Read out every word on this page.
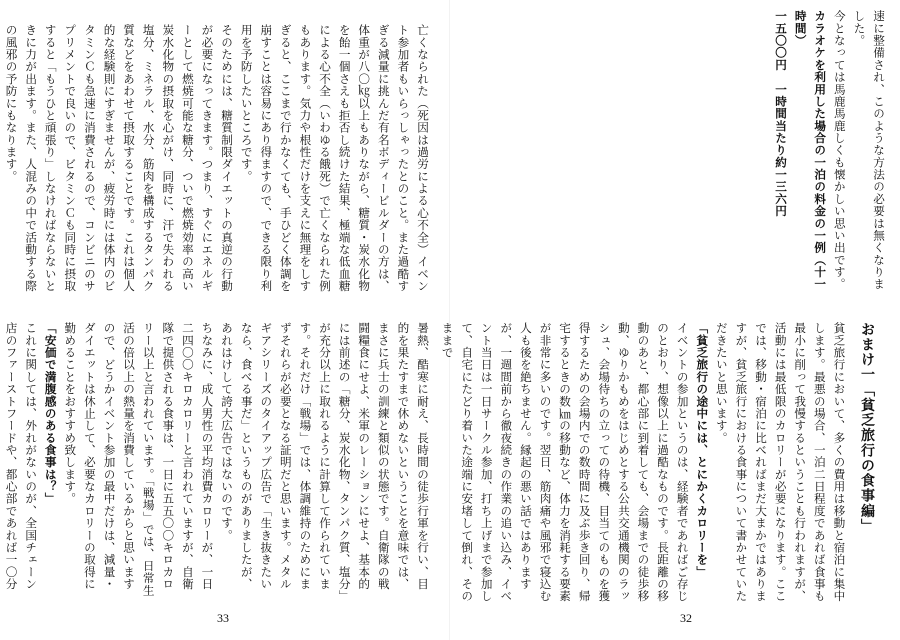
亡くなられた（死因は過労による心不全）イベント参加者もいらっしゃったとのこと。また過酷すぎる減量に挑んだ有名ボディービルダーの方は、体重が八〇㎏以上もありながら、糖質・炭水化物を飴一個さえも拒否し続けた結果、極端な低血糖による心不全（いわゆる餓死）で亡くなられた例もあります。気力や根性だけを支えに無理をしすぎると、ここまで行かなくても、手ひどく体調を崩すことは容易にあり得ますので、できる限り利用を予防したいところです。

そのためには、糖質制限ダイエットの真逆の行動が必要になってきます。つまり、すぐにエネルギーとして燃焼可能な糖分、ついで燃焼効率の高い炭水化物の摂取を心がけ、同時に、汗で失われる塩分、ミネラル、水分、筋肉を構成するタンパク質などをあわせて摂取することです。これは個人的な経験則にすぎませんが、疲労時には体内のビタミンＣも急速に消費されるので、コンビニのサプリメントで良いので、ビタミンＣも同時に摂取すると「もうひと頑張り」しなければならないときに力が出ます。また、人混みの中で活動する際の風邪の予防にもなります。

暑熱、酷寒に耐え、長時間の徒歩行軍を行い、目的を果たすまで休めないということを意味では、まさに兵士の訓練と類似の状態です。自衛隊の戦闘糧食にせよ、米軍のレーションにせよ、基本的には前述の「糖分、炭水化物、タンパク質、塩分」が充分以上に取れるように計算して作られています。それだけ「戦場」では、体調維持のためにまずそれらが必要となる証明だと思います。メタルギアシリーズのタイアップ広告で「生き抜きたいなら、食べる事だ」というものがありましたが、あれはけして誇大広告ではないのです。

ちなみに、成人男性の平均消費カロリーが、一日二四〇〇キロカロリーと言われていますが、自衛隊で提供される食事は、一日に五五〇〇キロカロリー以上と言われています。「戦場」では、日常生活の倍以上の熱量を消費しているからと思いますので、どうかイベント参加の最中だけは、減量・ダイエットは休止して、必要なカロリーの取得に勤めることをおすすめ致します。

「安価で満腹感のある食事は？」

これに関しては、外れがないのが、全国チェーン店のファーストフードや、都心部であれば一〇分

33

速に整備され、このような方法の必要は無くなりました。

今となっては馬鹿馬鹿しくも懐かしい思い出です。

カラオケを利用した場合の一泊の料金の一例（十一時間）

一五〇〇円　一時間当たり約一三六円

おまけ一「貧乏旅行の食事編」

貧乏旅行において、多くの費用は移動と宿泊に集中します。最悪の場合、一泊二日程度であれば食事も最小に削って我慢するということも行われますが、活動には最低限のカロリーが必要になります。ここでは、移動・宿泊に比べればまだ大まかではありますが、貧乏旅行における食事について書かせていただきたいと思います。

「貧乏旅行の途中には、とにかくカロリーを」

イベントの参加というのは、経験者であればご存じのとおり、想像以上に過酷なものです。長距離の移動のあと、都心部に到着しても、会場までの徒歩移動、ゆりかもめをはじめとする公共交通機関のラッシュ、会場待ちの立っての待機、目当てのものを獲得するための会場内での数時間に及ぶ歩き回り、帰宅するときの数㎞の移動など、体力を消耗する要素が非常に多いのです。翌日、筋肉痛や風邪で寝込む人も後を絶ちません。縁起の悪い話ではありますが、一週間前から徹夜続きの作業の追い込み、イベント当日は一日サークル参加、打ち上げまで参加して、自宅にたどり着いた途端に安堵して倒れ、そのままで

32
